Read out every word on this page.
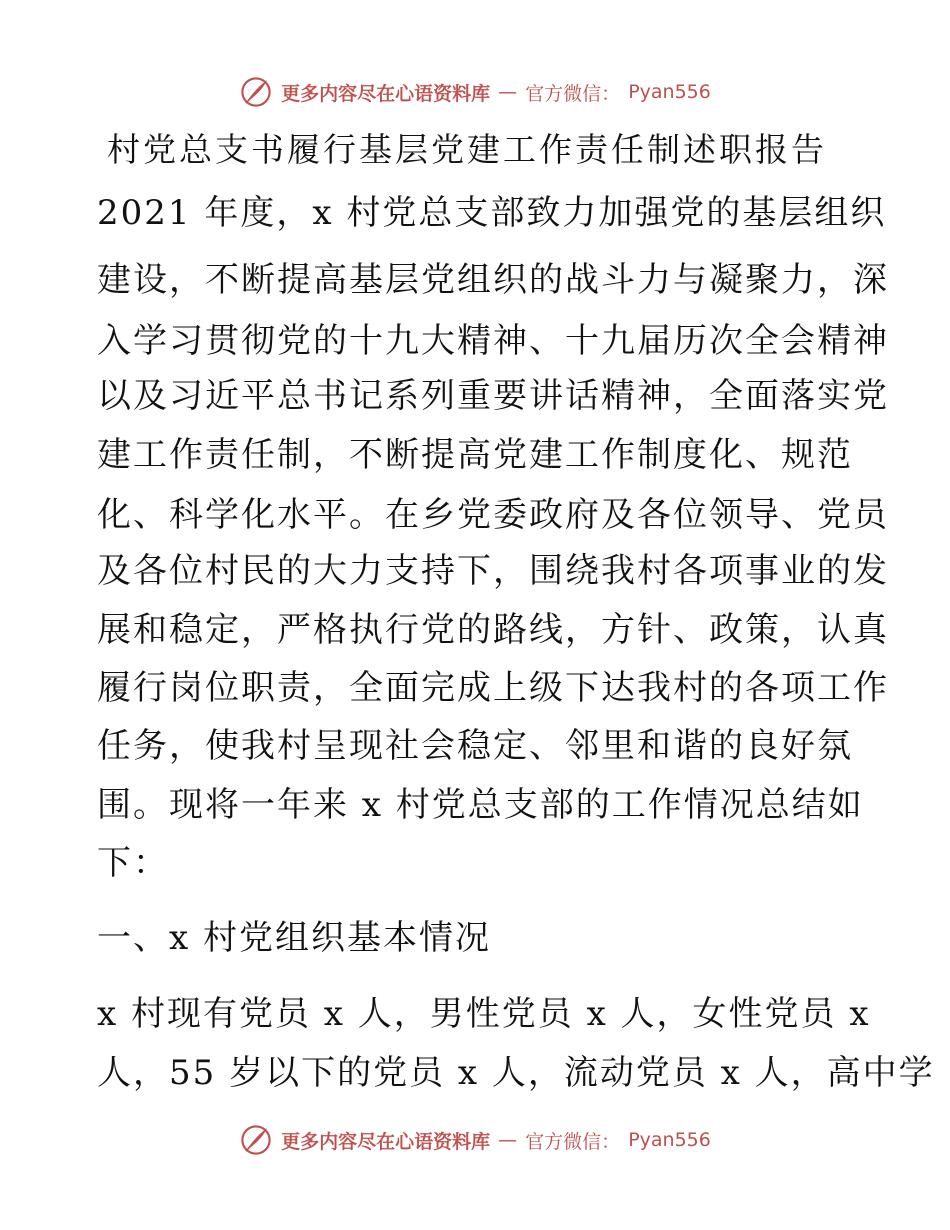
更多内容尽在心语资料库 — 官方微信： Pyan556
村党总支书履行基层党建工作责任制述职报告
2021 年度，x 村党总支部致力加强党的基层组织
建设，不断提高基层党组织的战斗力与凝聚力，深
入学习贯彻党的十九大精神、十九届历次全会精神
以及习近平总书记系列重要讲话精神，全面落实党
建工作责任制，不断提高党建工作制度化、规范
化、科学化水平。在乡党委政府及各位领导、党员
及各位村民的大力支持下，围绕我村各项事业的发
展和稳定，严格执行党的路线，方针、政策，认真
履行岗位职责，全面完成上级下达我村的各项工作
任务，使我村呈现社会稳定、邻里和谐的良好氛
围。现将一年来 x 村党总支部的工作情况总结如
下：
一、x 村党组织基本情况
x 村现有党员 x 人，男性党员 x 人，女性党员 x
人，55 岁以下的党员 x 人，流动党员 x 人，高中学
更多内容尽在心语资料库 — 官方微信： Pyan556
